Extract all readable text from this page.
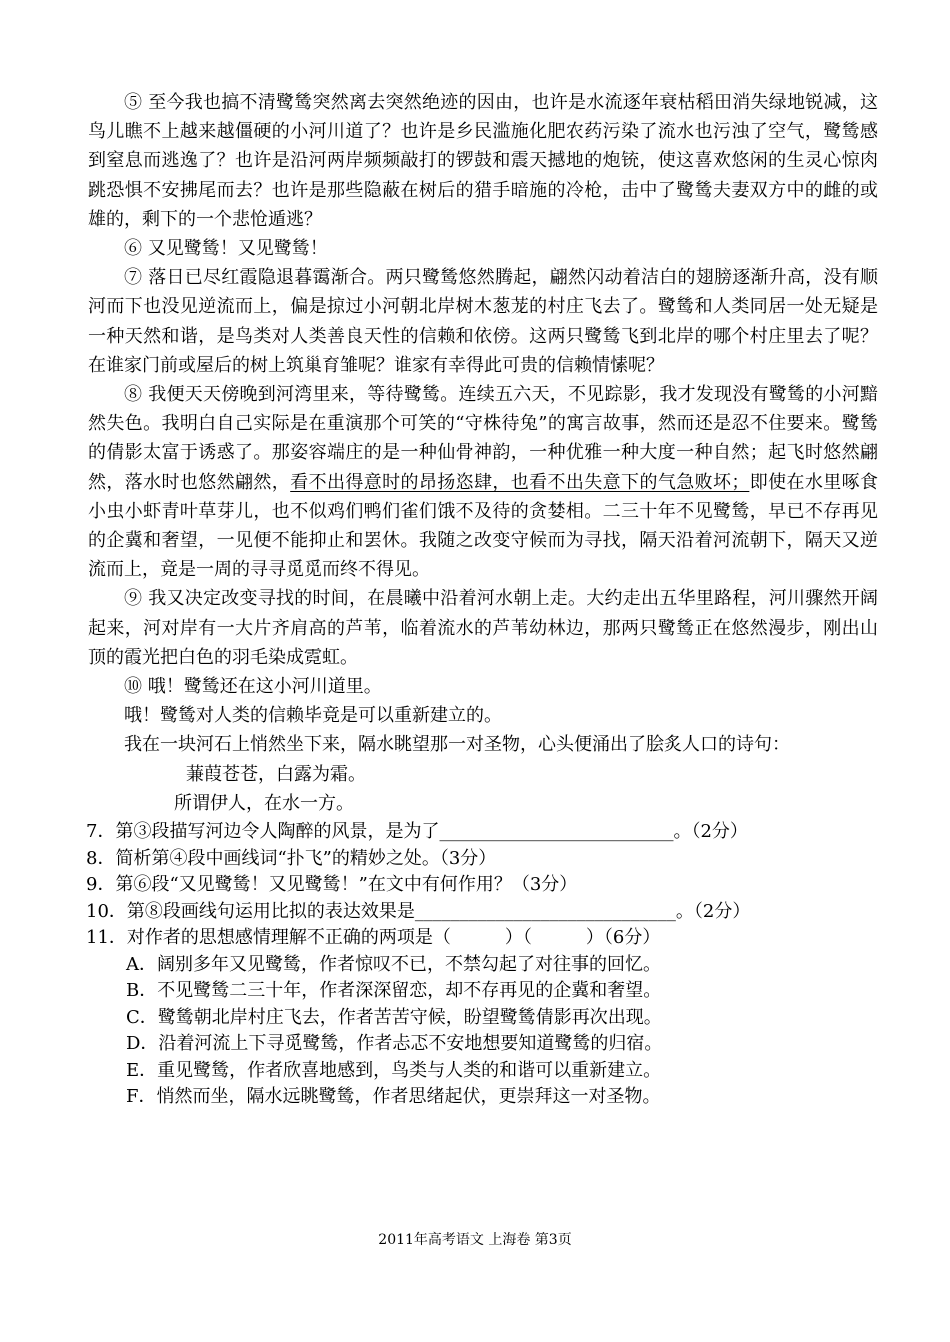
⑤ 至今我也搞不清鹭鸶突然离去突然绝迹的因由，也许是水流逐年衰枯稻田消失绿地锐减，这鸟儿瞧不上越来越僵硬的小河川道了？也许是乡民滥施化肥农药污染了流水也污浊了空气，鹭鸶感到窒息而逃逸了？也许是沿河两岸频频敲打的锣鼓和震天撼地的炮铳，使这喜欢悠闲的生灵心惊肉跳恐惧不安拂尾而去？也许是那些隐蔽在树后的猎手暗施的冷枪，击中了鹭鸶夫妻双方中的雌的或雄的，剩下的一个悲怆遁逃？

⑥ 又见鹭鸶！又见鹭鸶！

⑦ 落日已尽红霞隐退暮霭渐合。两只鹭鸶悠然腾起，翩然闪动着洁白的翅膀逐渐升高，没有顺河而下也没见逆流而上，偏是掠过小河朝北岸树木葱茏的村庄飞去了。鹭鸶和人类同居一处无疑是一种天然和谐，是鸟类对人类善良天性的信赖和依傍。这两只鹭鸶飞到北岸的哪个村庄里去了呢？在谁家门前或屋后的树上筑巢育雏呢？谁家有幸得此可贵的信赖情愫呢？

⑧ 我便天天傍晚到河湾里来，等待鹭鸶。连续五六天，不见踪影，我才发现没有鹭鸶的小河黯然失色。我明白自己实际是在重演那个可笑的“守株待兔”的寓言故事，然而还是忍不住要来。鹭鸶的倩影太富于诱惑了。那姿容端庄的是一种仙骨神韵，一种优雅一种大度一种自然；起飞时悠然翩然，落水时也悠然翩然，看不出得意时的昂扬恣肆，也看不出失意下的气急败坏；即使在水里啄食小虫小虾青叶草芽儿，也不似鸡们鸭们雀们饿不及待的贪婪相。二三十年不见鹭鸶，早已不存再见的企冀和奢望，一见便不能抑止和罢休。我随之改变守候而为寻找，隔天沿着河流朝下，隔天又逆流而上，竟是一周的寻寻觅觅而终不得见。

⑨ 我又决定改变寻找的时间，在晨曦中沿着河水朝上走。大约走出五华里路程，河川骤然开阔起来，河对岸有一大片齐肩高的芦苇，临着流水的芦苇幼林边，那两只鹭鸶正在悠然漫步，刚出山顶的霞光把白色的羽毛染成霓虹。

⑩ 哦！鹭鸶还在这小河川道里。

哦！鹭鸶对人类的信赖毕竟是可以重新建立的。

我在一块河石上悄然坐下来，隔水眺望那一对圣物，心头便涌出了脍炙人口的诗句：

蒹葭苍苍，白露为霜。

所谓伊人，在水一方。

7．第③段描写河边令人陶醉的风景，是为了__________________________。（2分）

8．简析第④段中画线词“扑飞”的精妙之处。（3分）

9．第⑥段“又见鹭鸶！又见鹭鸶！”在文中有何作用？（3分）

10．第⑧段画线句运用比拟的表达效果是_____________________________。（2分）

11．对作者的思想感情理解不正确的两项是（　　　）（　　　）（6分）

A．阔别多年又见鹭鸶，作者惊叹不已，不禁勾起了对往事的回忆。

B．不见鹭鸶二三十年，作者深深留恋，却不存再见的企冀和奢望。

C．鹭鸶朝北岸村庄飞去，作者苦苦守候，盼望鹭鸶倩影再次出现。

D．沿着河流上下寻觅鹭鸶，作者忐忑不安地想要知道鹭鸶的归宿。

E．重见鹭鸶，作者欣喜地感到，鸟类与人类的和谐可以重新建立。

F．悄然而坐，隔水远眺鹭鸶，作者思绪起伏，更崇拜这一对圣物。

2011年高考语文 上海卷 第3页
